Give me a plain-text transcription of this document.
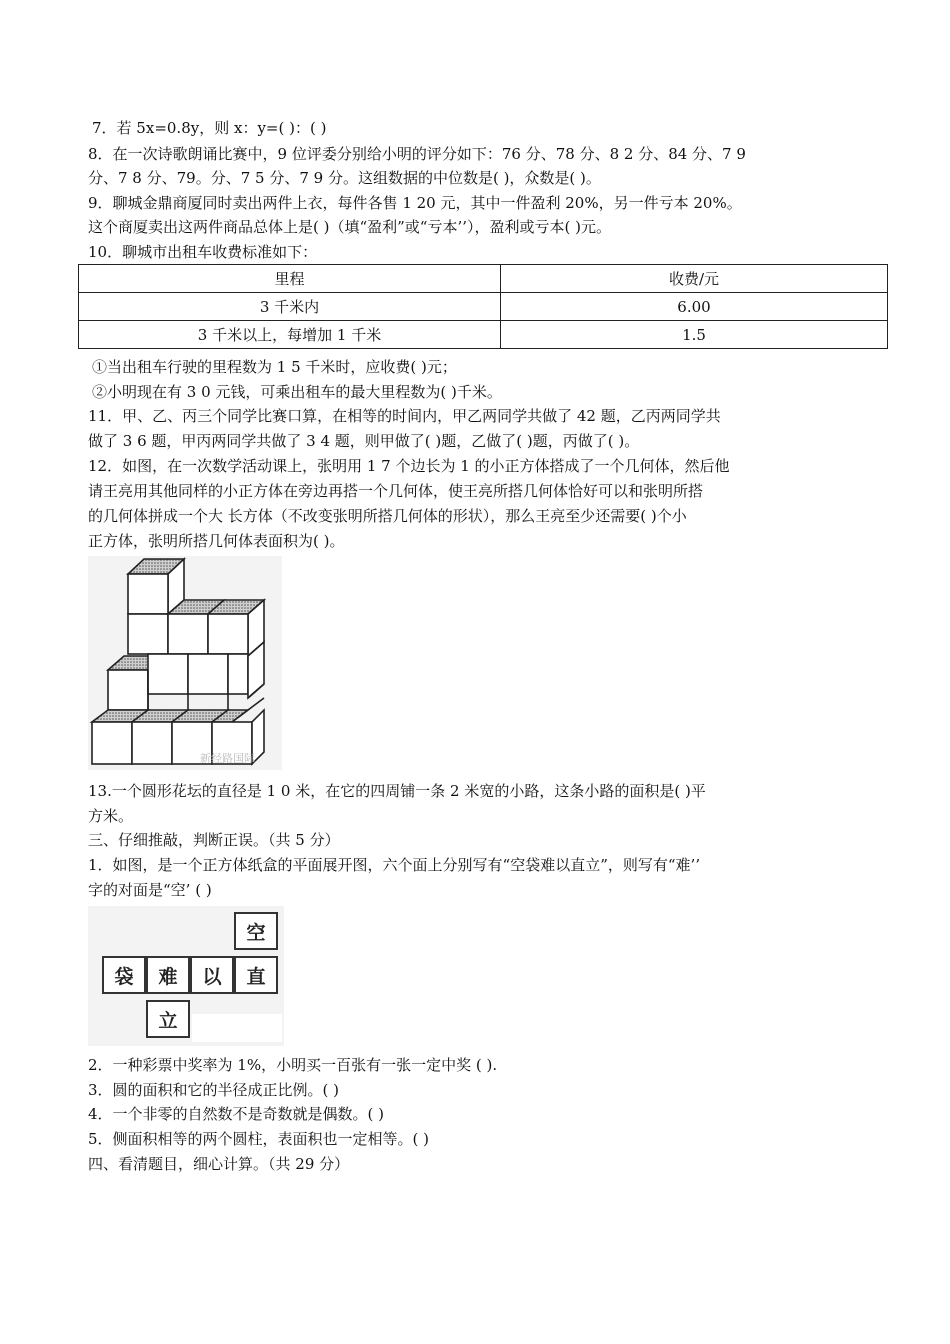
7．若 5x=0.8y，则 x：y=( )：( )
8．在一次诗歌朗诵比赛中，9 位评委分别给小明的评分如下：76 分、78 分、8 2 分、84 分、7 9
分、7 8 分、79。分、7 5 分、7 9 分。这组数据的中位数是( )，众数是( )。
9．聊城金鼎商厦同时卖出两件上衣，每件各售 1 20 元，其中一件盈利 20%，另一件亏本 20%。
这个商厦卖出这两件商品总体上是( )（填“盈利”或“亏本’’），盈利或亏本( )元。
10．聊城市出租车收费标准如下：
里程	收费/元
3 千米内	6.00
3 千米以上，每增加 1 千米	1.5
①当出租车行驶的里程数为 1 5 千米时，应收费( )元；
②小明现在有 3 0 元钱，可乘出租车的最大里程数为( )千米。
11．甲、乙、丙三个同学比赛口算，在相等的时间内，甲乙两同学共做了 42 题，乙丙两同学共
做了 3 6 题，甲丙两同学共做了 3 4 题，则甲做了( )题，乙做了( )题，丙做了( )。
12．如图，在一次数学活动课上，张明用 1 7 个边长为 1 的小正方体搭成了一个几何体，然后他
请王亮用其他同样的小正方体在旁边再搭一个几何体，使王亮所搭几何体恰好可以和张明所搭
的几何体拼成一个大 长方体（不改变张明所搭几何体的形状），那么王亮至少还需要( )个小
正方体，张明所搭几何体表面积为( )。
新经路国际
13.一个圆形花坛的直径是 1 0 米，在它的四周铺一条 2 米宽的小路，这条小路的面积是( )平
方米。
三、仔细推敲，判断正误。（共 5 分）
1．如图，是一个正方体纸盒的平面展开图，六个面上分别写有“空袋难以直立”，则写有“难’’
字的对面是“空’ ( )
空
袋	难	以	直
立
2．一种彩票中奖率为 1%，小明买一百张有一张一定中奖 ( ).
3．圆的面积和它的半径成正比例。( )
4．一个非零的自然数不是奇数就是偶数。( )
5．侧面积相等的两个圆柱，表面积也一定相等。( )
四、看清题目，细心计算。（共 29 分）
